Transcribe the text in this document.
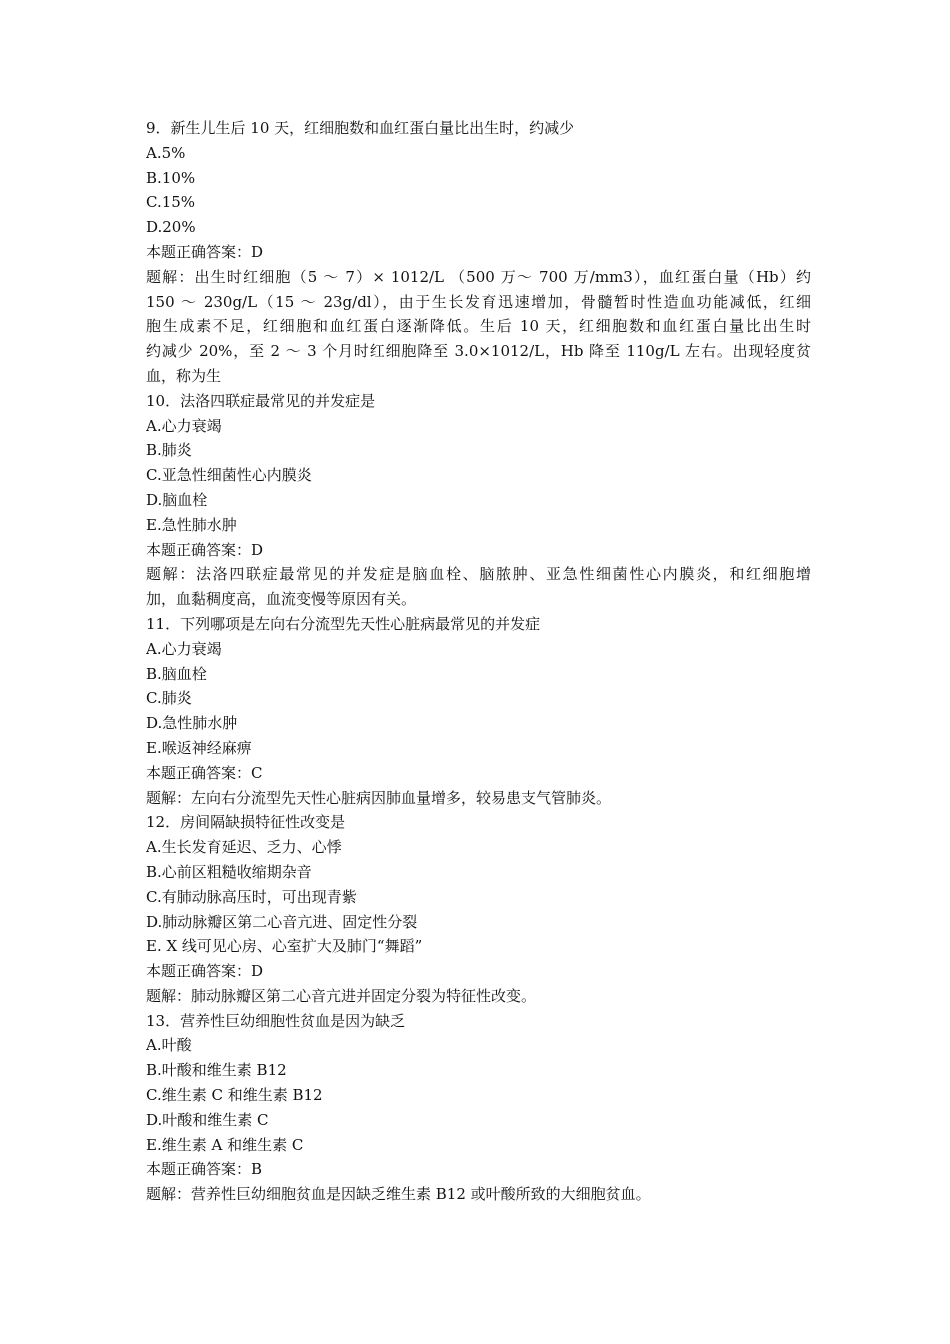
9．新生儿生后 10 天，红细胞数和血红蛋白量比出生时，约减少
A.5%
B.10%
C.15%
D.20%
本题正确答案：D
题解：出生时红细胞（5 ～ 7）× 1012/L （500 万～ 700 万/mm3），血红蛋白量（Hb）约
150 ～ 230g/L（15 ～ 23g/dl），由于生长发育迅速增加，骨髓暂时性造血功能减低，红细
胞生成素不足，红细胞和血红蛋白逐渐降低。生后 10 天，红细胞数和血红蛋白量比出生时
约减少 20%，至 2 ～ 3 个月时红细胞降至 3.0×1012/L，Hb 降至 110g/L 左右。出现轻度贫
血，称为生
10．法洛四联症最常见的并发症是
A.心力衰竭
B.肺炎
C.亚急性细菌性心内膜炎
D.脑血栓
E.急性肺水肿
本题正确答案：D
题解：法洛四联症最常见的并发症是脑血栓、脑脓肿、亚急性细菌性心内膜炎，和红细胞增
加，血黏稠度高，血流变慢等原因有关。
11．下列哪项是左向右分流型先天性心脏病最常见的并发症
A.心力衰竭
B.脑血栓
C.肺炎
D.急性肺水肿
E.喉返神经麻痹
本题正确答案：C
题解：左向右分流型先天性心脏病因肺血量增多，较易患支气管肺炎。
12．房间隔缺损特征性改变是
A.生长发育延迟、乏力、心悸
B.心前区粗糙收缩期杂音
C.有肺动脉高压时，可出现青紫
D.肺动脉瓣区第二心音亢进、固定性分裂
E. X 线可见心房、心室扩大及肺门“舞蹈”
本题正确答案：D
题解：肺动脉瓣区第二心音亢进并固定分裂为特征性改变。
13．营养性巨幼细胞性贫血是因为缺乏
A.叶酸
B.叶酸和维生素 B12
C.维生素 C 和维生素 B12
D.叶酸和维生素 C
E.维生素 A 和维生素 C
本题正确答案：B
题解：营养性巨幼细胞贫血是因缺乏维生素 B12 或叶酸所致的大细胞贫血。
